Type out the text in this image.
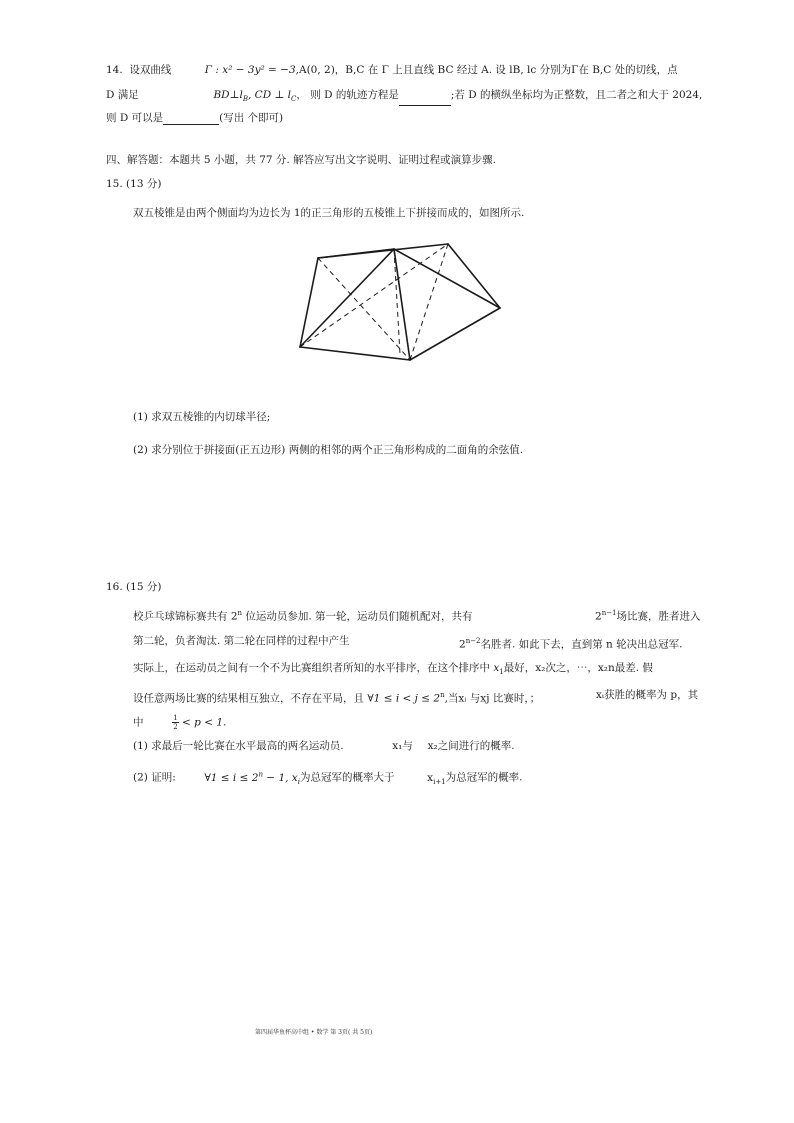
14. 设双曲线	Γ : x² − 3y² = −3,A(0, 2)，B,C 在 Γ 上且直线 BC 经过 A. 设 lB, lc 分别为Γ在 B,C 处的切线，点
D 满足	$BD\perp l_B$, CD ⊥ $l_C$， 则 D 的轨迹方程是	;若 D 的横纵坐标均为正整数，且二者之和大于 2024,
则 D 可以是	(写出 个即可)
四、解答题：本题共 5 小题，共 77 分. 解答应写出文字说明、证明过程或演算步骤.
15. (13 分)
双五棱锥是由两个侧面均为边长为 1的正三角形的五棱锥上下拼接而成的，如图所示.
(1) 求双五棱锥的内切球半径;
(2) 求分别位于拼接面(正五边形) 两侧的相邻的两个正三角形构成的二面角的余弦值.
16. (15 分)
校乒乓球锦标赛共有 2$^n$ 位运动员参加. 第一轮，运动员们随机配对，共有	$2^{n-1}$场比赛，胜者进入
第二轮，负者淘汰. 第二轮在同样的过程中产生	$2^{n-2}$名胜者. 如此下去，直到第 n 轮决出总冠军.
实际上，在运动员之间有一个不为比赛组织者所知的水平排序，在这个排序中 $x_1$最好，x₂次之，⋯，x₂n最差. 假
设任意两场比赛的结果相互独立，不存在平局，且 ∀1 ≤ $i < j \le 2^n$,当xᵢ 与xj 比赛时，；	xᵢ获胜的概率为 p，其
中	$\frac{1}{2} < p < 1$.
(1) 求最后一轮比赛在水平最高的两名运动员.	x₁与 x₂之间进行的概率.
(2) 证明:	∀1 ≤ $i \le 2^n - 1$, $x_i$为总冠军的概率大于	$x_{i+1}$为总冠军的概率.
第四届华鱼杯高中组 • 数学 第 3页( 共 5页)
